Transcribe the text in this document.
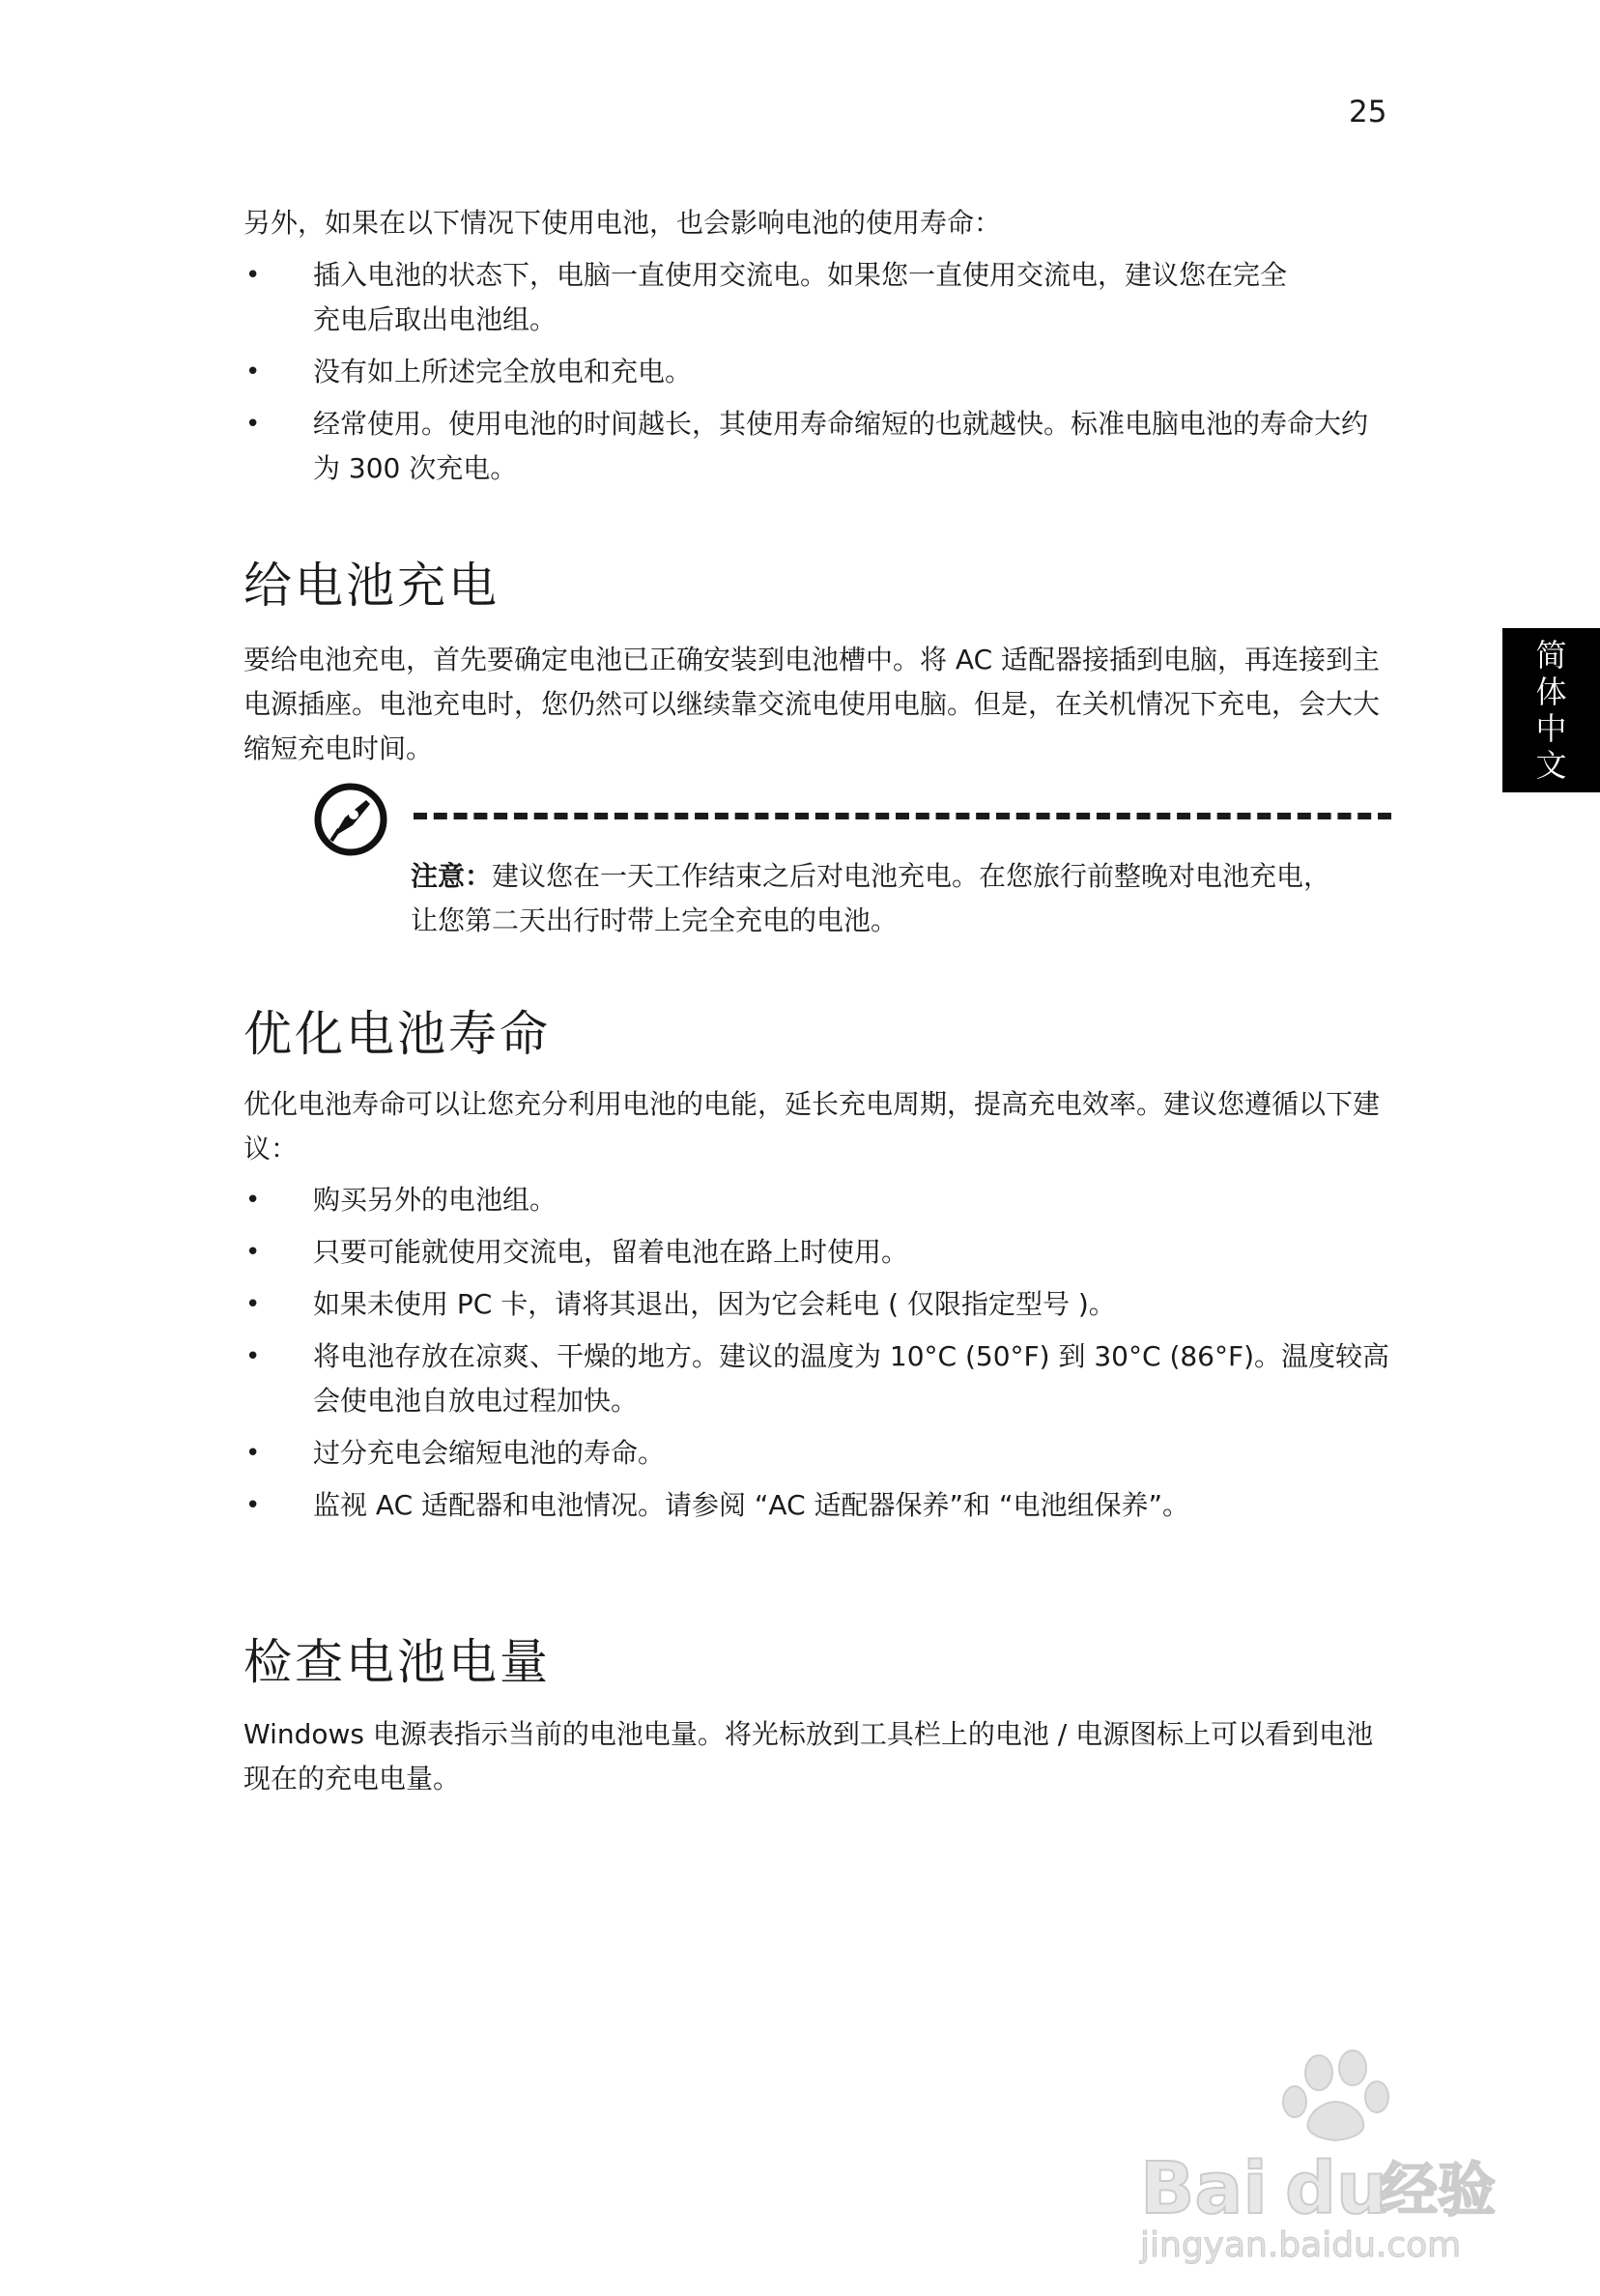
25
简
体
中
文

另外，如果在以下情况下使用电池，也会影响电池的使用寿命：

• 插入电池的状态下，电脑一直使用交流电。如果您一直使用交流电，建议您在完全充电后取出电池组。
• 没有如上所述完全放电和充电。
• 经常使用。使用电池的时间越长，其使用寿命缩短的也就越快。标准电脑电池的寿命大约为 300 次充电。
给电池充电

要给电池充电，首先要确定电池已正确安装到电池槽中。将 AC 适配器接插到电脑，再连接到主电源插座。电池充电时，您仍然可以继续靠交流电使用电脑。但是，在关机情况下充电，会大大缩短充电时间。

注意：建议您在一天工作结束之后对电池充电。在您旅行前整晚对电池充电，让您第二天出行时带上完全充电的电池。

优化电池寿命

优化电池寿命可以让您充分利用电池的电能，延长充电周期，提高充电效率。建议您遵循以下建议：

• 购买另外的电池组。
• 只要可能就使用交流电，留着电池在路上时使用。
• 如果未使用 PC 卡，请将其退出，因为它会耗电 ( 仅限指定型号 )。
• 将电池存放在凉爽、干燥的地方。建议的温度为 10°C (50°F) 到 30°C (86°F)。温度较高会使电池自放电过程加快。
• 过分充电会缩短电池的寿命。
• 监视 AC 适配器和电池情况。请参阅 “AC 适配器保养”和 “电池组保养”。
检查电池电量

Windows 电源表指示当前的电池电量。将光标放到工具栏上的电池 / 电源图标上可以看到电池现在的充电电量。

Bai du
经验
jingyan.baidu.com
